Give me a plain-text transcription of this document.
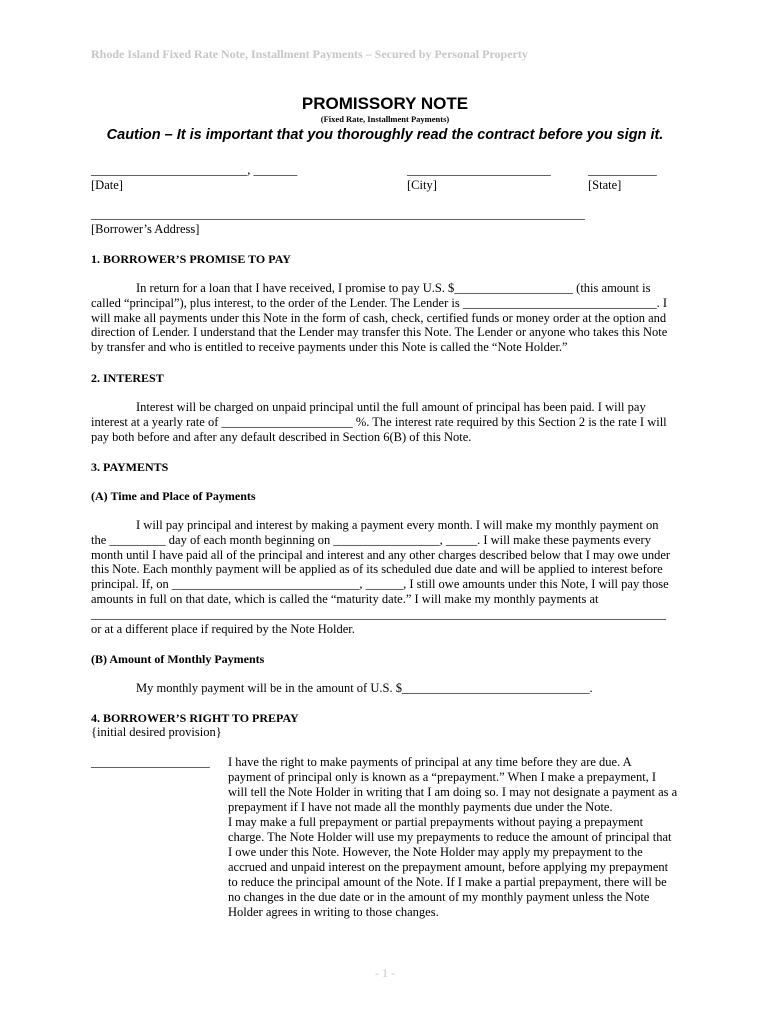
Rhode Island Fixed Rate Note, Installment Payments – Secured by Personal Property
PROMISSORY NOTE
(Fixed Rate, Installment Payments)
Caution – It is important that you thoroughly read the contract before you sign it.
_________________________, _______	_______________________	___________
[Date]	[City]	[State]
_______________________________________________________________________________
[Borrower’s Address]
1. BORROWER’S PROMISE TO PAY
In return for a loan that I have received, I promise to pay U.S. $___________________ (this amount is
called “principal”), plus interest, to the order of the Lender. The Lender is _______________________________. I
will make all payments under this Note in the form of cash, check, certified funds or money order at the option and
direction of Lender. I understand that the Lender may transfer this Note. The Lender or anyone who takes this Note
by transfer and who is entitled to receive payments under this Note is called the “Note Holder.”
2. INTEREST
Interest will be charged on unpaid principal until the full amount of principal has been paid. I will pay
interest at a yearly rate of _____________________ %. The interest rate required by this Section 2 is the rate I will
pay both before and after any default described in Section 6(B) of this Note.
3. PAYMENTS
(A) Time and Place of Payments
I will pay principal and interest by making a payment every month. I will make my monthly payment on
the _________ day of each month beginning on _________________, _____. I will make these payments every
month until I have paid all of the principal and interest and any other charges described below that I may owe under
this Note. Each monthly payment will be applied as of its scheduled due date and will be applied to interest before
principal. If, on ______________________________, ______, I still owe amounts under this Note, I will pay those
amounts in full on that date, which is called the “maturity date.” I will make my monthly payments at
____________________________________________________________________________________________
or at a different place if required by the Note Holder.
(B) Amount of Monthly Payments
My monthly payment will be in the amount of U.S. $______________________________.
4. BORROWER’S RIGHT TO PREPAY
{initial desired provision}
___________________ I have the right to make payments of principal at any time before they are due. A
payment of principal only is known as a “prepayment.” When I make a prepayment, I
will tell the Note Holder in writing that I am doing so. I may not designate a payment as a
prepayment if I have not made all the monthly payments due under the Note.
I may make a full prepayment or partial prepayments without paying a prepayment
charge. The Note Holder will use my prepayments to reduce the amount of principal that
I owe under this Note. However, the Note Holder may apply my prepayment to the
accrued and unpaid interest on the prepayment amount, before applying my prepayment
to reduce the principal amount of the Note. If I make a partial prepayment, there will be
no changes in the due date or in the amount of my monthly payment unless the Note
Holder agrees in writing to those changes.
- 1 -
